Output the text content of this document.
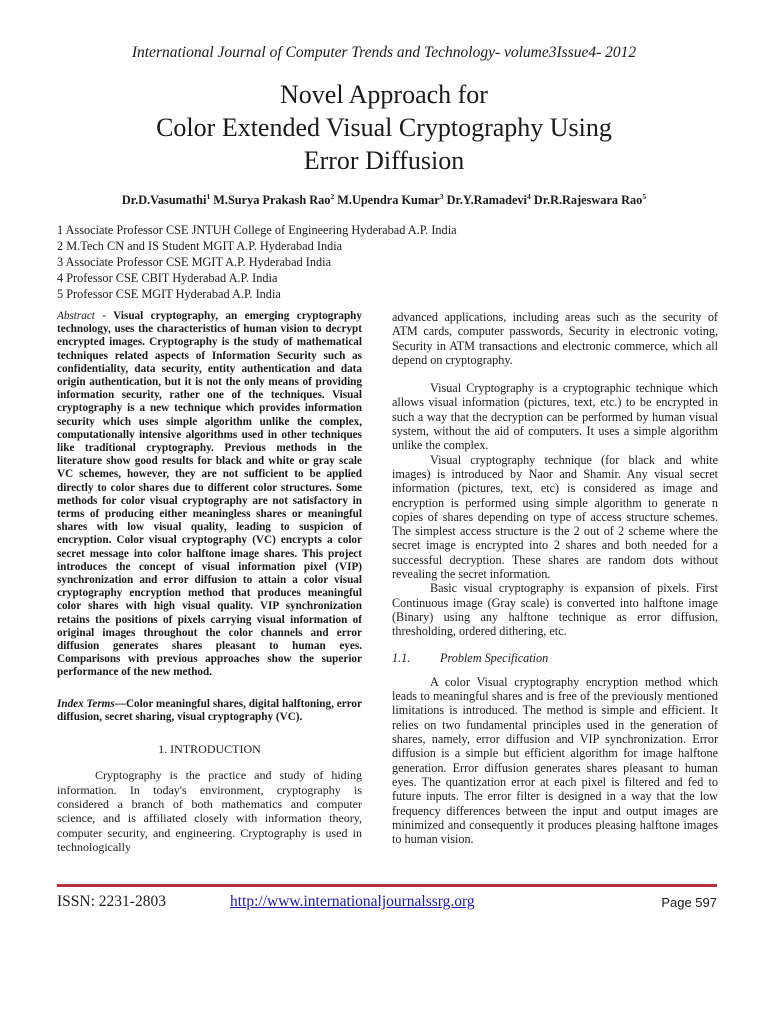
International Journal of Computer Trends and Technology- volume3Issue4- 2012
Novel Approach for
Color Extended Visual Cryptography Using
Error Diffusion
Dr.D.Vasumathi$^1$ M.Surya Prakash Rao$^2$ M.Upendra Kumar$^3$ Dr.Y.Ramadevi$^4$ Dr.R.Rajeswara Rao$^5$
1 Associate Professor CSE JNTUH College of Engineering Hyderabad A.P. India
2 M.Tech CN and IS Student MGIT A.P. Hyderabad India
3 Associate Professor CSE MGIT A.P. Hyderabad India
4 Professor CSE CBIT Hyderabad A.P. India
5 Professor CSE MGIT Hyderabad A.P. India

Abstract - Visual cryptography, an emerging cryptography technology, uses the characteristics of human vision to decrypt encrypted images. Cryptography is the study of mathematical techniques related aspects of Information Security such as confidentiality, data security, entity authentication and data origin authentication, but it is not the only means of providing information security, rather one of the techniques. Visual cryptography is a new technique which provides information security which uses simple algorithm unlike the complex, computationally intensive algorithms used in other techniques like traditional cryptography. Previous methods in the literature show good results for black and white or gray scale VC schemes, however, they are not sufficient to be applied directly to color shares due to different color structures. Some methods for color visual cryptography are not satisfactory in terms of producing either meaningless shares or meaningful shares with low visual quality, leading to suspicion of encryption. Color visual cryptography (VC) encrypts a color secret message into color halftone image shares. This project introduces the concept of visual information pixel (VIP) synchronization and error diffusion to attain a color visual cryptography encryption method that produces meaningful color shares with high visual quality. VIP synchronization retains the positions of pixels carrying visual information of original images throughout the color channels and error diffusion generates shares pleasant to human eyes. Comparisons with previous approaches show the superior performance of the new method.

Index Terms—Color meaningful shares, digital halftoning, error diffusion, secret sharing, visual cryptography (VC).

1. INTRODUCTION

Cryptography is the practice and study of hiding information. In today's environment, cryptography is considered a branch of both mathematics and computer science, and is affiliated closely with information theory, computer security, and engineering. Cryptography is used in technologically

advanced applications, including areas such as the security of ATM cards, computer passwords, Security in electronic voting, Security in ATM transactions and electronic commerce, which all depend on cryptography.

Visual Cryptography is a cryptographic technique which allows visual information (pictures, text, etc.) to be encrypted in such a way that the decryption can be performed by human visual system, without the aid of computers. It uses a simple algorithm unlike the complex.

Visual cryptography technique (for black and white images) is introduced by Naor and Shamir. Any visual secret information (pictures, text, etc) is considered as image and encryption is performed using simple algorithm to generate n copies of shares depending on type of access structure schemes. The simplest access structure is the 2 out of 2 scheme where the secret image is encrypted into 2 shares and both needed for a successful decryption. These shares are random dots without revealing the secret information.

Basic visual cryptography is expansion of pixels. First Continuous image (Gray scale) is converted into halftone image (Binary) using any halftone technique as error diffusion, thresholding, ordered dithering, etc.

1.1. Problem Specification

A color Visual cryptography encryption method which leads to meaningful shares and is free of the previously mentioned limitations is introduced. The method is simple and efficient. It relies on two fundamental principles used in the generation of shares, namely, error diffusion and VIP synchronization. Error diffusion is a simple but efficient algorithm for image halftone generation. Error diffusion generates shares pleasant to human eyes. The quantization error at each pixel is filtered and fed to future inputs. The error filter is designed in a way that the low frequency differences between the input and output images are minimized and consequently it produces pleasing halftone images to human vision.

ISSN: 2231-2803	http://www.internationaljournalssrg.org	Page 597
